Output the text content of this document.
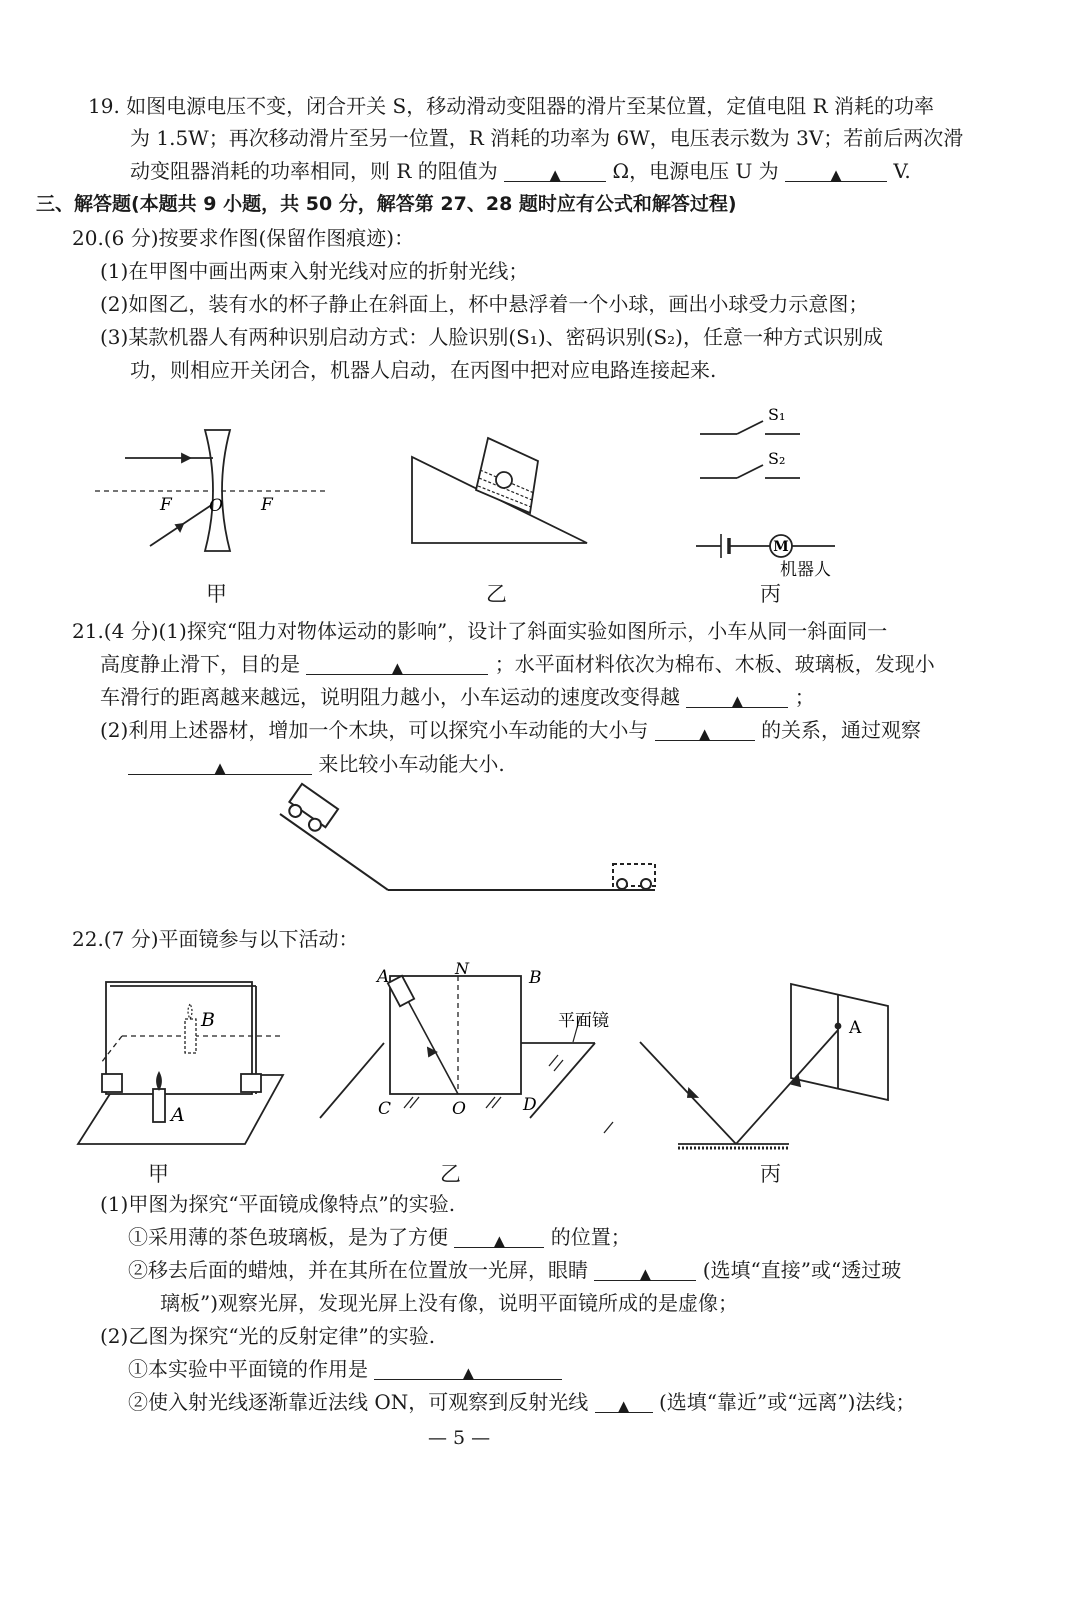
19. 如图电源电压不变，闭合开关 S，移动滑动变阻器的滑片至某位置，定值电阻 R 消耗的功率
为 1.5W；再次移动滑片至另一位置，R 消耗的功率为 6W，电压表示数为 3V；若前后两次滑
动变阻器消耗的功率相同，则 R 的阻值为	▲	Ω，电源电压 U 为	▲	V.
三、解答题(本题共 9 小题，共 50 分，解答第 27、28 题时应有公式和解答过程)
20.(6 分)按要求作图(保留作图痕迹)：
(1)在甲图中画出两束入射光线对应的折射光线；
(2)如图乙，装有水的杯子静止在斜面上，杯中悬浮着一个小球，画出小球受力示意图；
(3)某款机器人有两种识别启动方式：人脸识别(S₁)、密码识别(S₂)，任意一种方式识别成
功，则相应开关闭合，机器人启动，在丙图中把对应电路连接起来.
F O F
S₁
S₂
M
机器人
甲	乙	丙
21.(4 分)(1)探究“阻力对物体运动的影响”，设计了斜面实验如图所示，小车从同一斜面同一
高度静止滑下，目的是	▲	；水平面材料依次为棉布、木板、玻璃板，发现小
车滑行的距离越来越远，说明阻力越小，小车运动的速度改变得越	▲	；
(2)利用上述器材，增加一个木块，可以探究小车动能的大小与	▲	的关系，通过观察
▲	来比较小车动能大小.
22.(7 分)平面镜参与以下活动：
B
A
A	N	B
C	O	D
平面镜	A
甲	乙	丙
(1)甲图为探究“平面镜成像特点”的实验.
①采用薄的茶色玻璃板，是为了方便	▲ 的位置；
②移去后面的蜡烛，并在其所在位置放一光屏，眼睛	▲	(选填“直接”或“透过玻
璃板”)观察光屏，发现光屏上没有像，说明平面镜所成的是虚像；
(2)乙图为探究“光的反射定律”的实验.
①本实验中平面镜的作用是	▲
②使入射光线逐渐靠近法线 ON，可观察到反射光线 ▲ (选填“靠近”或“远离”)法线；
— 5 —
